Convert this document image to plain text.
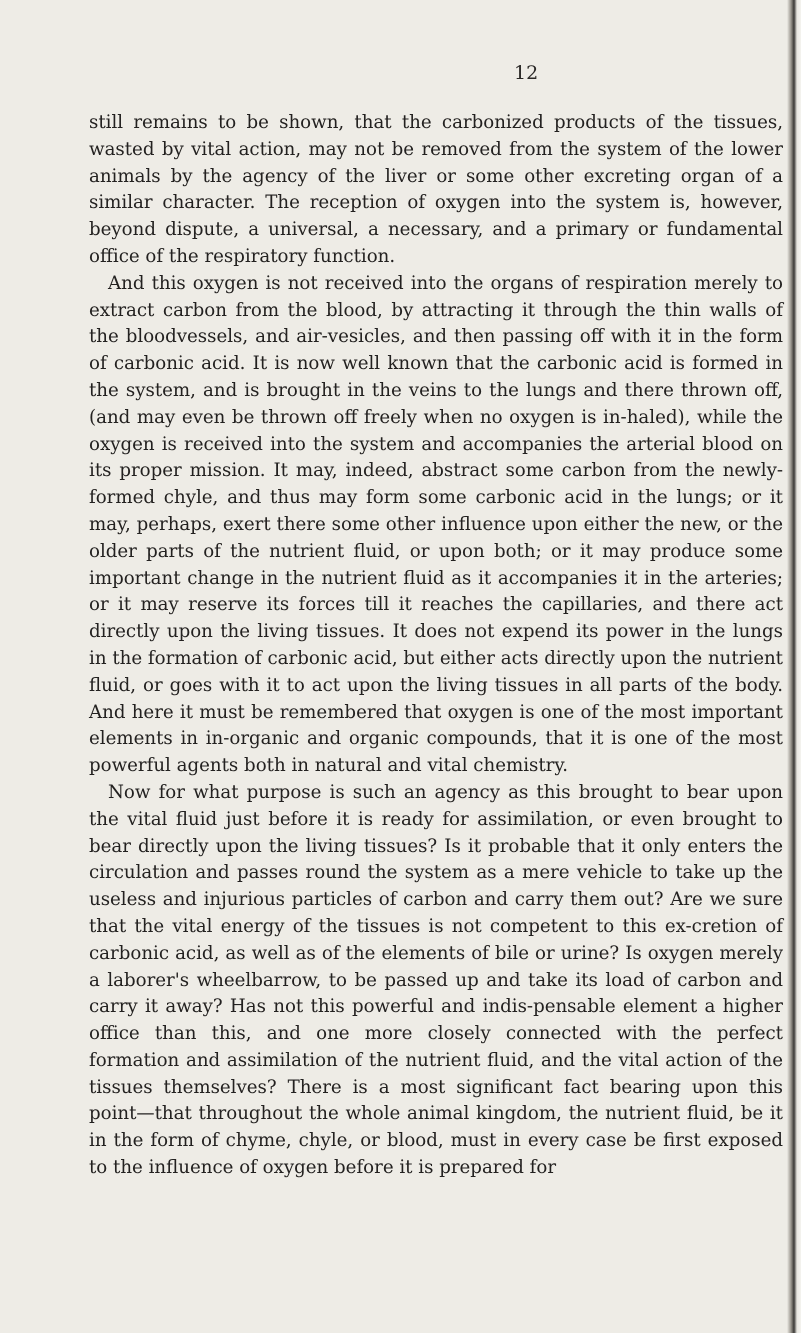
12

still remains to be shown, that the carbonized products of the tissues, wasted by vital action, may not be removed from the system of the lower animals by the agency of the liver or some other excreting organ of a similar character. The reception of oxygen into the system is, however, beyond dispute, a universal, a necessary, and a primary or fundamental office of the respiratory function.

And this oxygen is not received into the organs of respiration merely to extract carbon from the blood, by attracting it through the thin walls of the bloodvessels, and air-vesicles, and then passing off with it in the form of carbonic acid. It is now well known that the carbonic acid is formed in the system, and is brought in the veins to the lungs and there thrown off, (and may even be thrown off freely when no oxygen is in-haled), while the oxygen is received into the system and accompanies the arterial blood on its proper mission. It may, indeed, abstract some carbon from the newly-formed chyle, and thus may form some carbonic acid in the lungs; or it may, perhaps, exert there some other influence upon either the new, or the older parts of the nutrient fluid, or upon both; or it may produce some important change in the nutrient fluid as it accompanies it in the arteries; or it may reserve its forces till it reaches the capillaries, and there act directly upon the living tissues. It does not expend its power in the lungs in the formation of carbonic acid, but either acts directly upon the nutrient fluid, or goes with it to act upon the living tissues in all parts of the body. And here it must be remembered that oxygen is one of the most important elements in in-organic and organic compounds, that it is one of the most powerful agents both in natural and vital chemistry.

Now for what purpose is such an agency as this brought to bear upon the vital fluid just before it is ready for assimilation, or even brought to bear directly upon the living tissues? Is it probable that it only enters the circulation and passes round the system as a mere vehicle to take up the useless and injurious particles of carbon and carry them out? Are we sure that the vital energy of the tissues is not competent to this ex-cretion of carbonic acid, as well as of the elements of bile or urine? Is oxygen merely a laborer's wheelbarrow, to be passed up and take its load of carbon and carry it away? Has not this powerful and indis-pensable element a higher office than this, and one more closely connected with the perfect formation and assimilation of the nutrient fluid, and the vital action of the tissues themselves? There is a most significant fact bearing upon this point—that throughout the whole animal kingdom, the nutrient fluid, be it in the form of chyme, chyle, or blood, must in every case be first exposed to the influence of oxygen before it is prepared for
